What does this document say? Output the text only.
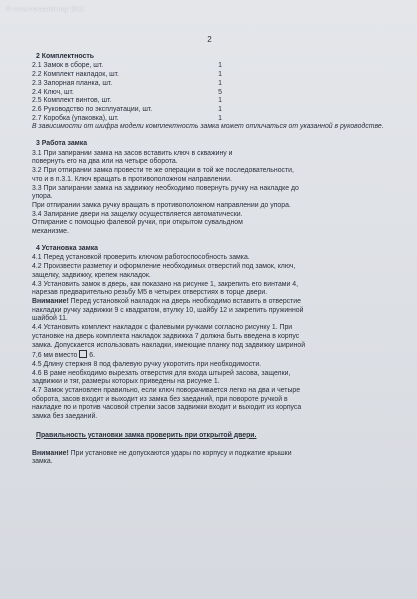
© www.tverzamki.org/ 2011
2
2 Комплектность
2.1 Замок в сборе, шт.	1
2.2 Комплект накладок, шт.	1
2.3 Запорная планка, шт.	1
2.4 Ключ, шт.	5
2.5 Комплект винтов, шт.	1
2.6 Руководство по эксплуатации, шт.	1
2.7 Коробка (упаковка), шт.	1

В зависимости от шифра модели комплектность замка может отличаться от указанной в руководстве.

3 Работа замка
3.1 При запирании замка на засов вставить ключ в скважину и
повернуть его на два или на четыре оборота.
3.2 При отпирании замка провести те же операции в той же последовательности,
что и в п.3.1. Ключ вращать в противоположном направлении.
3.3 При запирании замка на задвижку необходимо повернуть ручку на накладке до
упора.
При отпирании замка ручку вращать в противоположном направлении до упора.
3.4 Запирание двери на защелку осуществляется автоматически.
Отпирание с помощью фалевой ручки, при открытом сувальдном
механизме.
4 Установка замка
4.1 Перед установкой проверить ключом работоспособность замка.
4.2 Произвести разметку и оформление необходимых отверстий под замок, ключ,
защелку, задвижку, крепеж накладок.
4.3 Установить замок в дверь, как показано на рисунке 1, закрепить его винтами 4,
нарезав предварительно резьбу М5 в четырех отверстиях в торце двери.
Внимание! Перед установкой накладок на дверь необходимо вставить в отверстие
накладки ручку задвижки 9 с квадратом, втулку 10, шайбу 12 и закрепить пружинной
шайбой 11.
4.4 Установить комплект накладок с фалевыми ручками согласно рисунку 1. При
установке на дверь комплекта накладок задвижка 7 должна быть введена в корпус
замка. Допускается использовать накладки, имеющие планку под задвижку шириной
7,6 мм вместо  6.
4.5 Длину стержня 8 под фалевую ручку укоротить при необходимости.
4.6 В раме необходимо вырезать отверстия для входа штырей засова, защелки,
задвижки и тяг, размеры которых приведены на рисунке 1.
4.7 Замок установлен правильно, если ключ поворачивается легко на два и четыре
оборота, засов входит и выходит из замка без заеданий, при повороте ручкой в
накладке по и против часовой стрелки засов задвижки входит и выходит из корпуса
замка без заеданий.

Правильность установки замка проверить при открытой двери.

Внимание! При установке не допускаются удары по корпусу и поджатие крышки
замка.
